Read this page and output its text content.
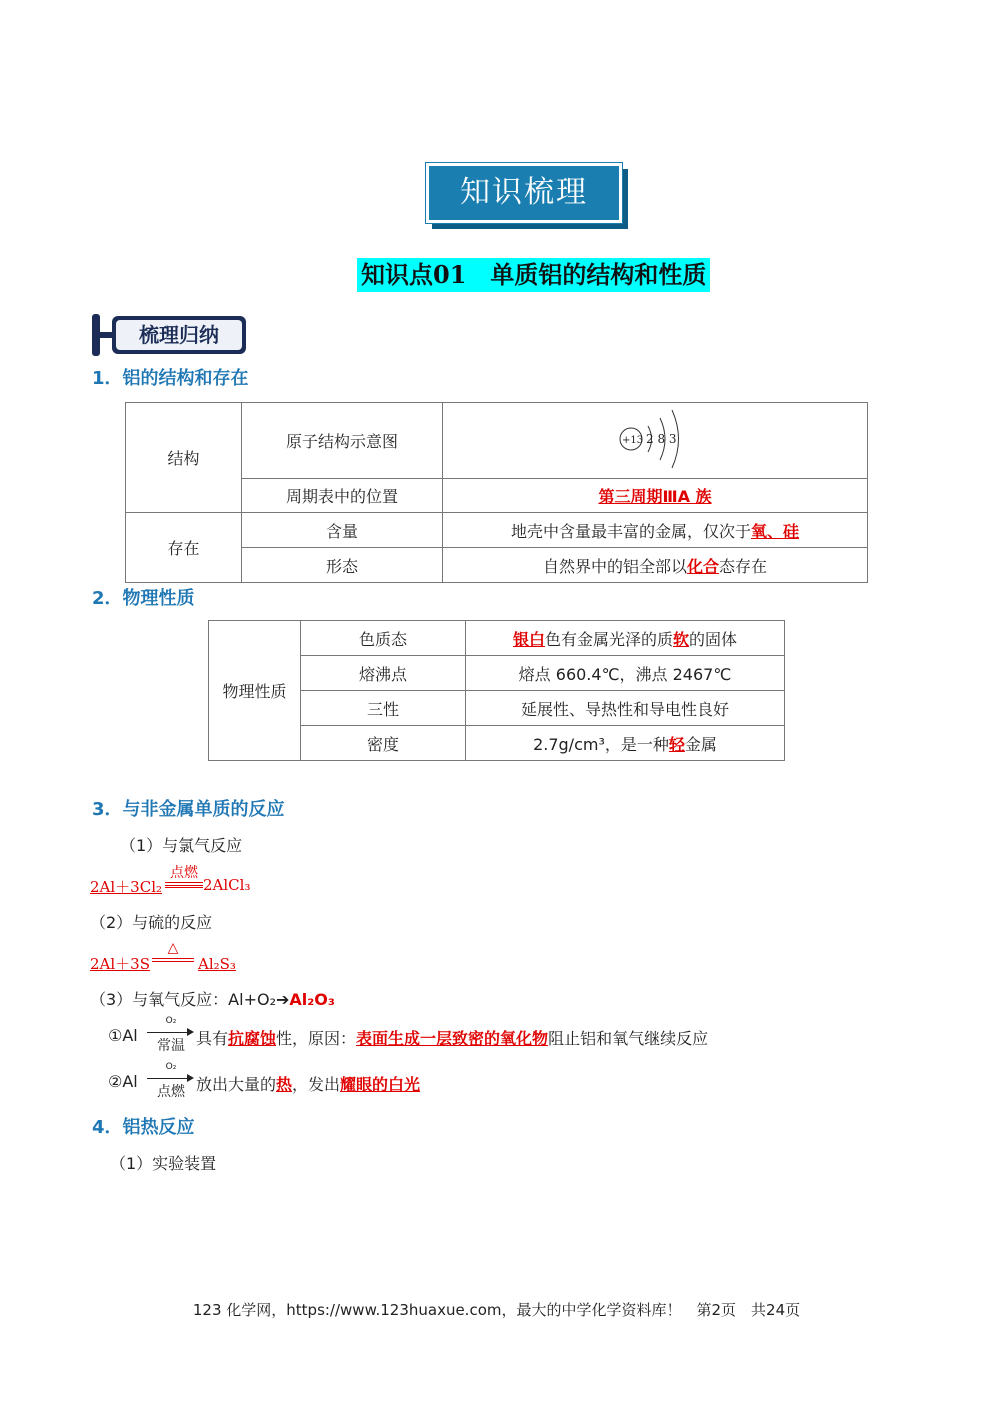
知识梳理
知识点01　单质铝的结构和性质
梳理归纳
1．铝的结构和存在
结构	原子结构示意图	+13 2 8 3

	周期表中的位置	第三周期ⅢA 族
存在	含量	地壳中含量最丰富的金属，仅次于氧、硅
	形态	自然界中的铝全部以化合态存在
2．物理性质
物理性质	色质态	银白色有金属光泽的质软的固体
	熔沸点	熔点 660.4℃，沸点 2467℃
	三性	延展性、导热性和导电性良好
	密度	2.7g/cm³，是一种轻金属
3．与非金属单质的反应
（1）与氯气反应
2Al＋3Cl₂
点燃
2AlCl₃
（2）与硫的反应
2Al＋3S
△
Al₂S₃
（3）与氧气反应：Al+O₂➔Al₂O₃
①Al
O₂
常温 具有抗腐蚀性，原因：表面生成一层致密的氧化物阻止铝和氧气继续反应
②Al
O₂
点燃 放出大量的热，发出耀眼的白光
4．铝热反应
（1）实验装置
123 化学网，https://www.123huaxue.com，最大的中学化学资料库！　第2页　共24页
